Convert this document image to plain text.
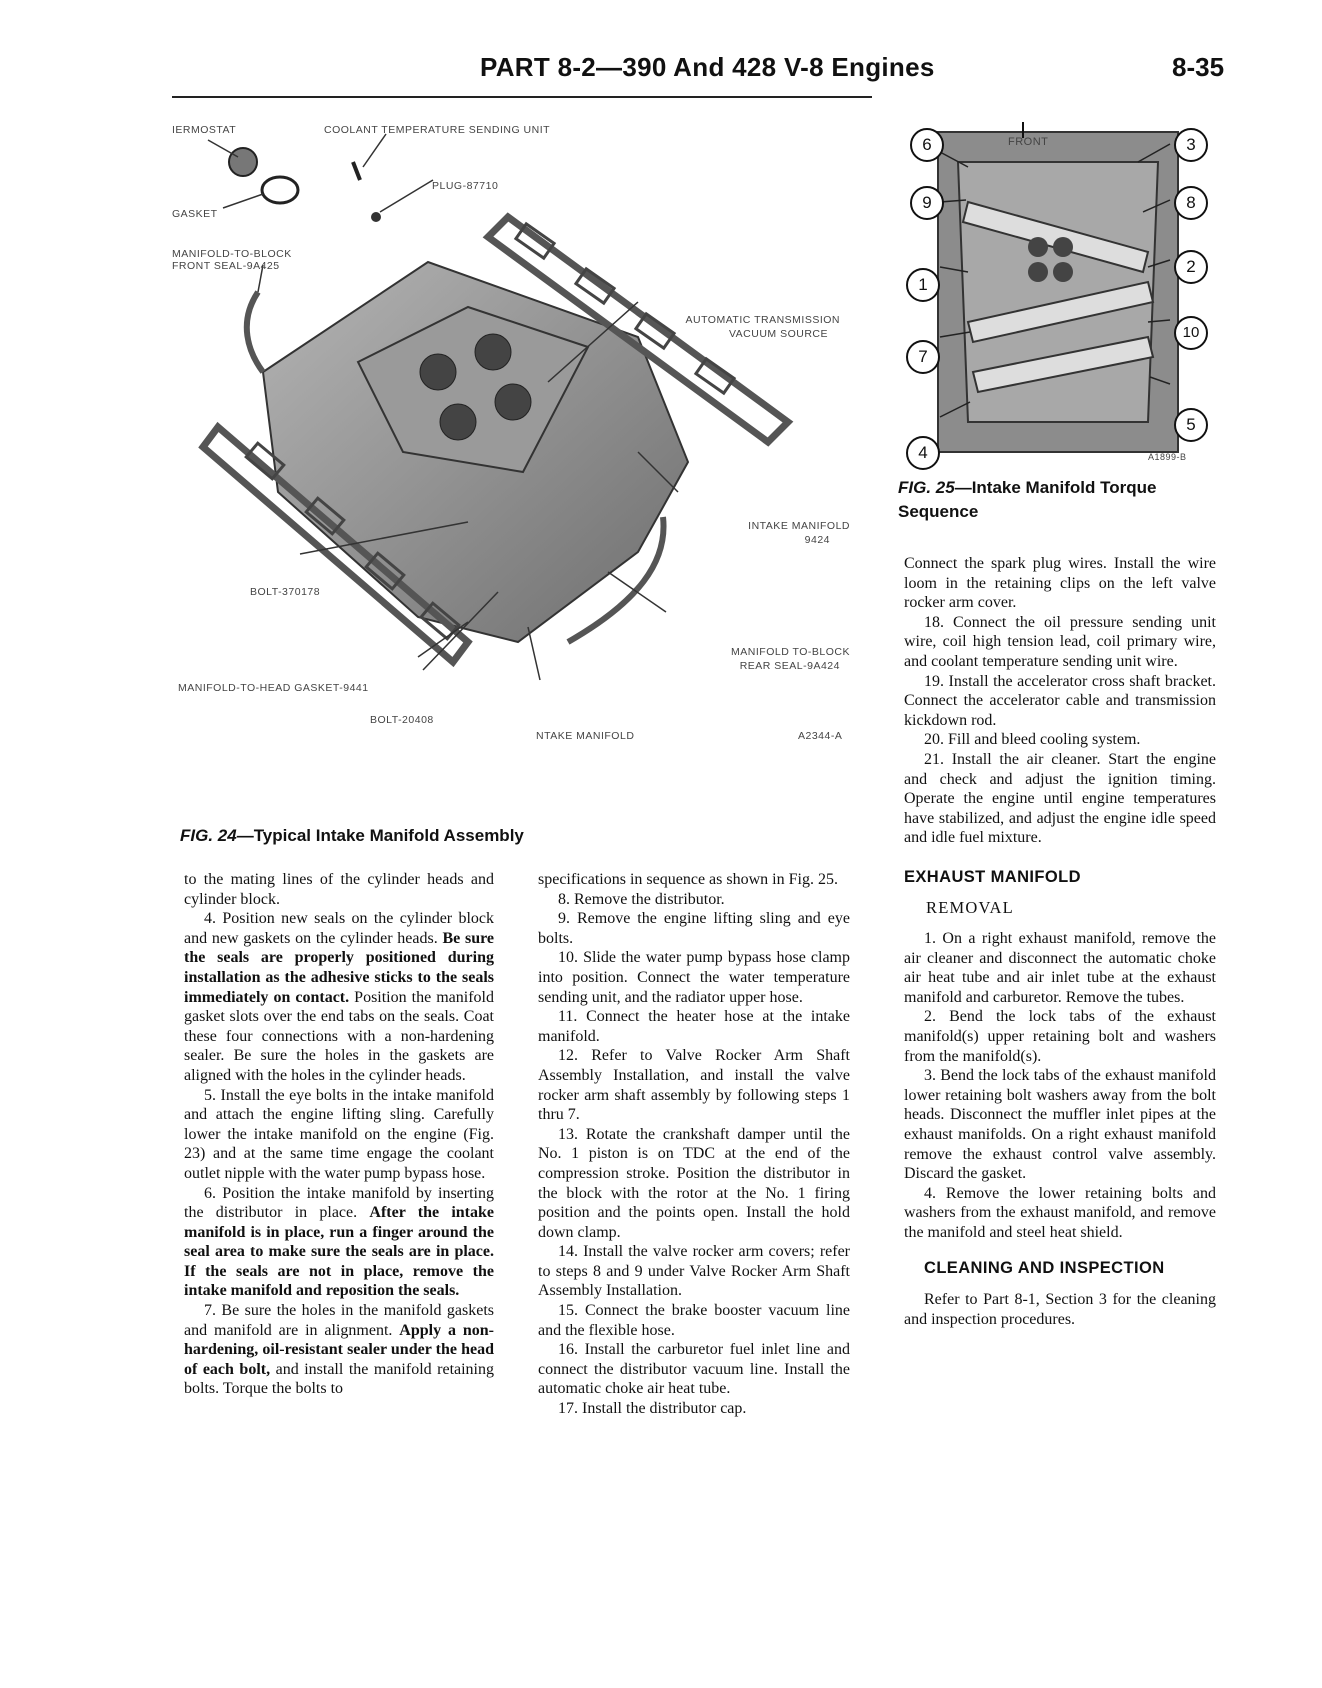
PART 8-2—390 And 428 V-8 Engines	8-35
IERMOSTAT	COOLANT TEMPERATURE SENDING UNIT
PLUG-87710
GASKET
MANIFOLD-TO-BLOCK
FRONT SEAL-9A425
AUTOMATIC TRANSMISSION
VACUUM SOURCE
INTAKE MANIFOLD
9424
BOLT-370178
MANIFOLD TO-BLOCK
REAR SEAL-9A424
MANIFOLD-TO-HEAD GASKET-9441
BOLT-20408
NTAKE MANIFOLD	A2344-A
FIG. 24—Typical Intake Manifold Assembly
FRONT
6	3
9	8
1
2
10
7
5
4	A1899-B
FIG. 25—Intake Manifold Torque Sequence

to the mating lines of the cylinder heads and cylinder block.

4. Position new seals on the cylinder block and new gaskets on the cylinder heads. Be sure the seals are properly positioned during installation as the adhesive sticks to the seals immediately on contact. Position the manifold gasket slots over the end tabs on the seals. Coat these four connections with a non-hardening sealer. Be sure the holes in the gaskets are aligned with the holes in the cylinder heads.

5. Install the eye bolts in the intake manifold and attach the engine lifting sling. Carefully lower the intake manifold on the engine (Fig. 23) and at the same time engage the coolant outlet nipple with the water pump bypass hose.

6. Position the intake manifold by inserting the distributor in place. After the intake manifold is in place, run a finger around the seal area to make sure the seals are in place. If the seals are not in place, remove the intake manifold and reposition the seals.

7. Be sure the holes in the manifold gaskets and manifold are in alignment. Apply a non-hardening, oil-resistant sealer under the head of each bolt, and install the manifold retaining bolts. Torque the bolts to

specifications in sequence as shown in Fig. 25.

8. Remove the distributor.

9. Remove the engine lifting sling and eye bolts.

10. Slide the water pump bypass hose clamp into position. Connect the water temperature sending unit, and the radiator upper hose.

11. Connect the heater hose at the intake manifold.

12. Refer to Valve Rocker Arm Shaft Assembly Installation, and install the valve rocker arm shaft assembly by following steps 1 thru 7.

13. Rotate the crankshaft damper until the No. 1 piston is on TDC at the end of the compression stroke. Position the distributor in the block with the rotor at the No. 1 firing position and the points open. Install the hold down clamp.

14. Install the valve rocker arm covers; refer to steps 8 and 9 under Valve Rocker Arm Shaft Assembly Installation.

15. Connect the brake booster vacuum line and the flexible hose.

16. Install the carburetor fuel inlet line and connect the distributor vacuum line. Install the automatic choke air heat tube.

17. Install the distributor cap.

Connect the spark plug wires. Install the wire loom in the retaining clips on the left valve rocker arm cover.

18. Connect the oil pressure sending unit wire, coil high tension lead, coil primary wire, and coolant temperature sending unit wire.

19. Install the accelerator cross shaft bracket. Connect the accelerator cable and transmission kickdown rod.

20. Fill and bleed cooling system.

21. Install the air cleaner. Start the engine and check and adjust the ignition timing. Operate the engine until engine temperatures have stabilized, and adjust the engine idle speed and idle fuel mixture.

EXHAUST MANIFOLD

REMOVAL

1. On a right exhaust manifold, remove the air cleaner and disconnect the automatic choke air heat tube and air inlet tube at the exhaust manifold and carburetor. Remove the tubes.

2. Bend the lock tabs of the exhaust manifold(s) upper retaining bolt and washers from the manifold(s).

3. Bend the lock tabs of the exhaust manifold lower retaining bolt washers away from the bolt heads. Disconnect the muffler inlet pipes at the exhaust manifolds. On a right exhaust manifold remove the exhaust control valve assembly. Discard the gasket.

4. Remove the lower retaining bolts and washers from the exhaust manifold, and remove the manifold and steel heat shield.

CLEANING AND INSPECTION

Refer to Part 8-1, Section 3 for the cleaning and inspection procedures.
